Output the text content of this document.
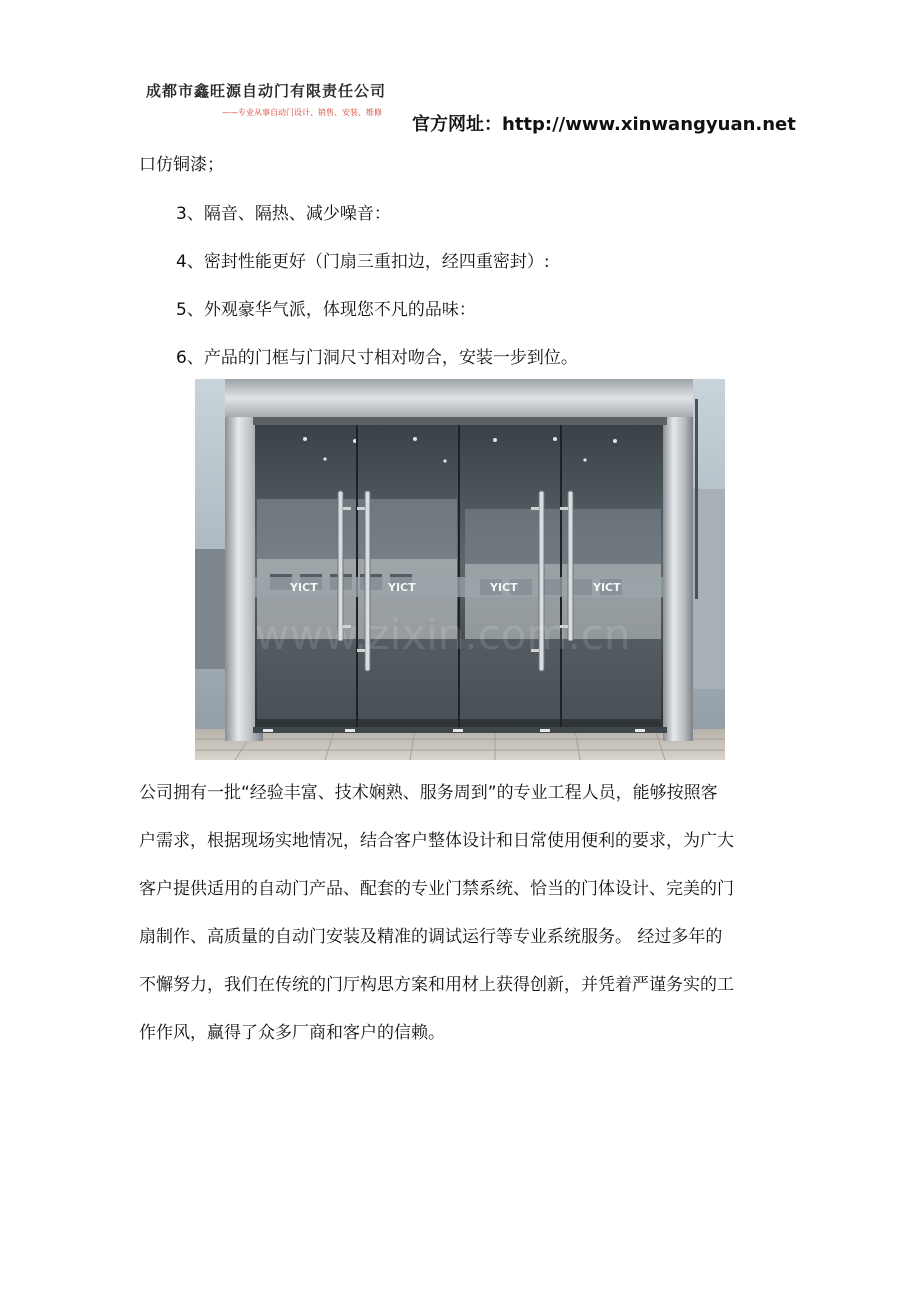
成都市鑫旺源自动门有限责任公司
——专业从事自动门设计、销售、安装、维修
官方网址：http://www.xinwangyuan.net
口仿铜漆；
3、隔音、隔热、减少噪音：
4、密封性能更好（门扇三重扣边，经四重密封）:
5、外观豪华气派，体现您不凡的品味：
6、产品的门框与门洞尺寸相对吻合，安装一步到位。
YICT	YICT	YICT	YICT
www.zixin.com.cn
公司拥有一批“经验丰富、技术娴熟、服务周到”的专业工程人员，能够按照客
户需求，根据现场实地情况，结合客户整体设计和日常使用便利的要求，为广大
客户提供适用的自动门产品、配套的专业门禁系统、恰当的门体设计、完美的门
扇制作、高质量的自动门安装及精准的调试运行等专业系统服务。 经过多年的
不懈努力，我们在传统的门厅构思方案和用材上获得创新，并凭着严谨务实的工
作作风，赢得了众多厂商和客户的信赖。
